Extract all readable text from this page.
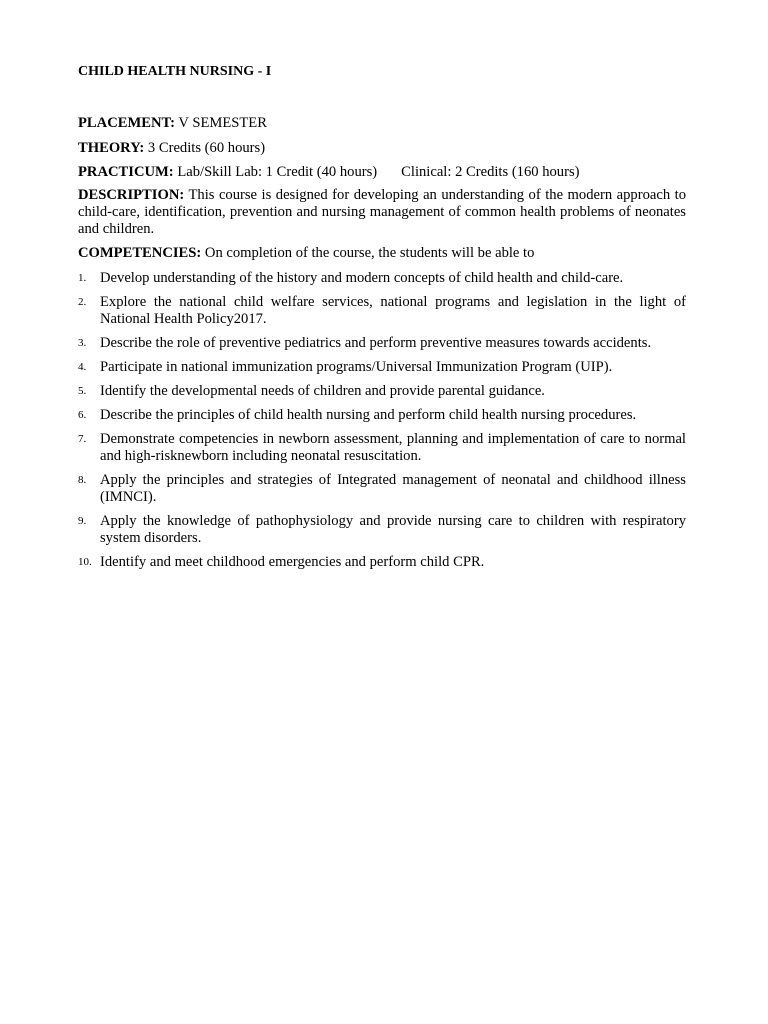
CHILD HEALTH NURSING - I
PLACEMENT: V SEMESTER
THEORY: 3 Credits (60 hours)
PRACTICUM: Lab/Skill Lab: 1 Credit (40 hours) Clinical: 2 Credits (160 hours)
DESCRIPTION: This course is designed for developing an understanding of the modern approach to child-care, identification, prevention and nursing management of common health problems of neonates and children.
COMPETENCIES: On completion of the course, the students will be able to
1. Develop understanding of the history and modern concepts of child health and child-care.
2. Explore the national child welfare services, national programs and legislation in the light of National Health Policy2017.
3. Describe the role of preventive pediatrics and perform preventive measures towards accidents.
4. Participate in national immunization programs/Universal Immunization Program (UIP).
5. Identify the developmental needs of children and provide parental guidance.
6. Describe the principles of child health nursing and perform child health nursing procedures.
7. Demonstrate competencies in newborn assessment, planning and implementation of care to normal and high-risknewborn including neonatal resuscitation.
8. Apply the principles and strategies of Integrated management of neonatal and childhood illness (IMNCI).
9. Apply the knowledge of pathophysiology and provide nursing care to children with respiratory system disorders.
10. Identify and meet childhood emergencies and perform child CPR.
